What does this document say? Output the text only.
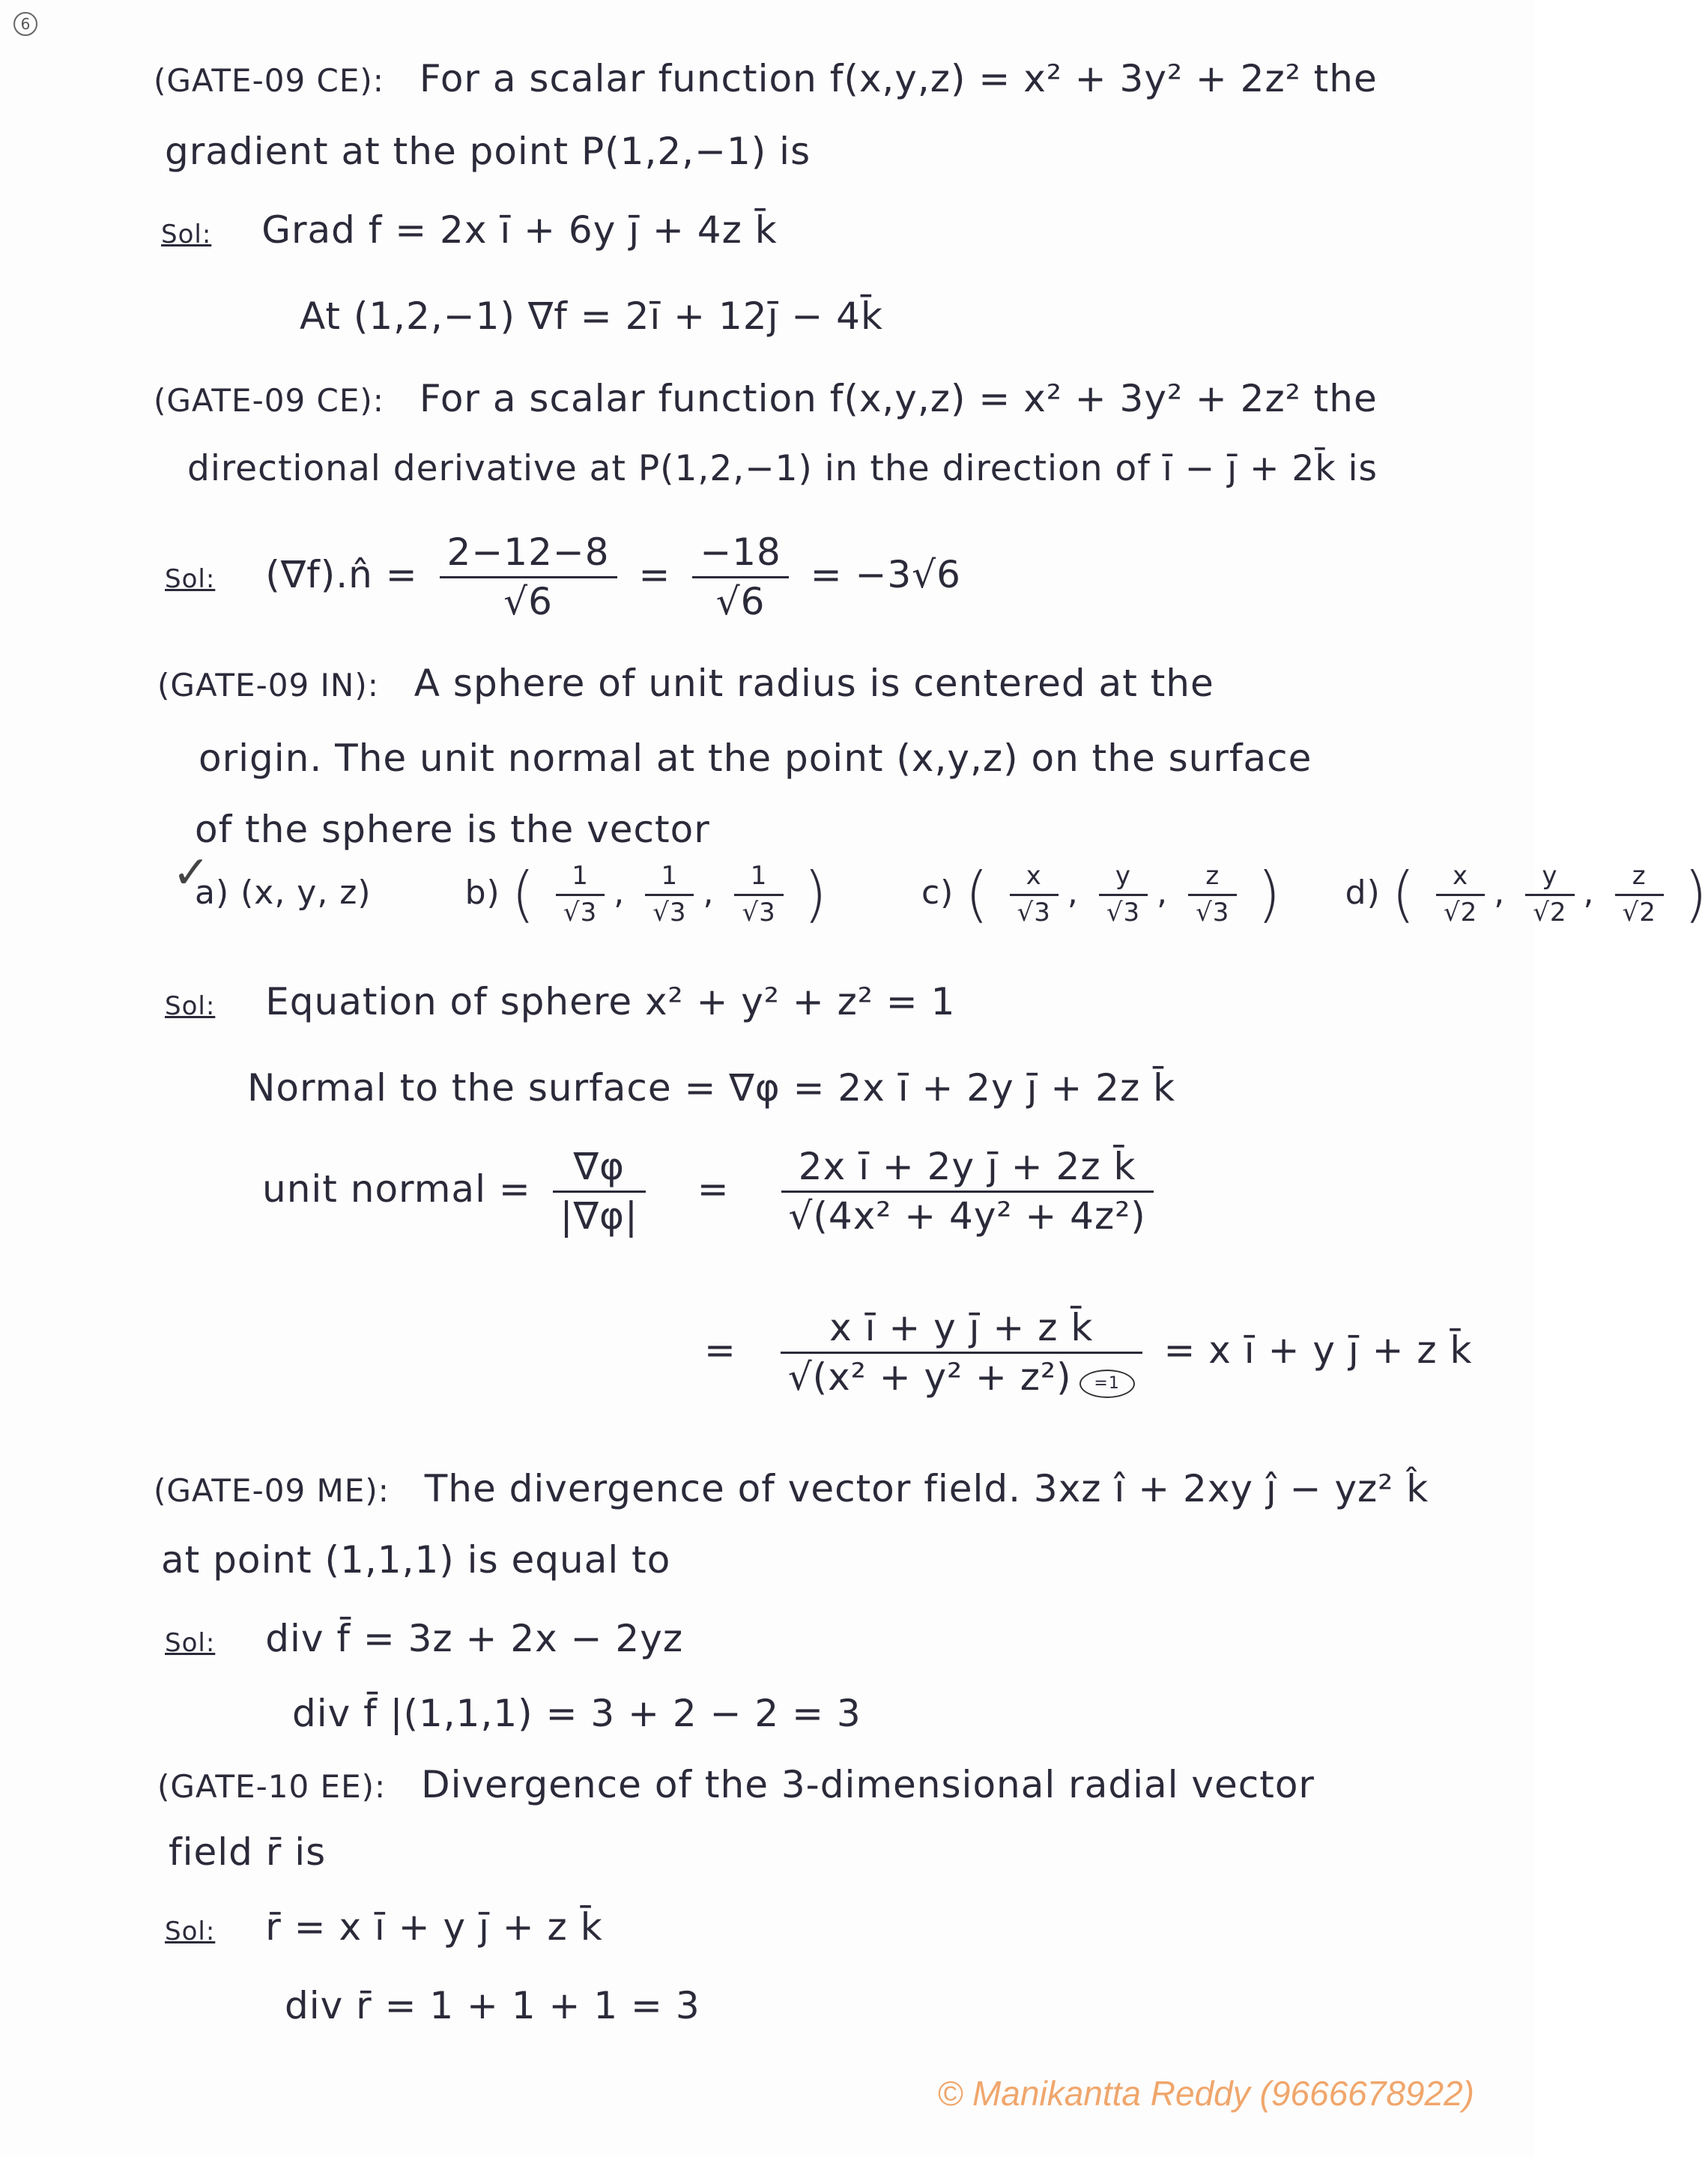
6
(GATE-09 CE): For a scalar function f(x,y,z) = x² + 3y² + 2z² the
gradient at the point P(1,2,−1) is
Sol: Grad f = 2x ī + 6y j̄ + 4z k̄
At (1,2,−1) ∇f = 2ī + 12j̄ − 4k̄
(GATE-09 CE): For a scalar function f(x,y,z) = x² + 3y² + 2z² the
directional derivative at P(1,2,−1) in the direction of ī − j̄ + 2k̄ is
Sol: (∇f).n̂ = $\frac{2-12-8}{√6} = \frac{-18}{√6} = -3√6$
(GATE-09 IN): A sphere of unit radius is centered at the
origin. The unit normal at the point (x,y,z) on the surface
of the sphere is the vector
✓
a) (x, y, z)	b) ( $\frac{1}{√3}$ , $\frac{1}{√3}$ , $\frac{1}{√3}$ )	c) ( $\frac{x}{√3}$ , $\frac{y}{√3}$ , $\frac{z}{√3}$ ) d) ( $\frac{x}{√2}$ , $\frac{y}{√2}$ , $\frac{z}{√2}$ )
Sol: Equation of sphere x² + y² + z² = 1
Normal to the surface = ∇φ = 2x ī + 2y j̄ + 2z k̄
unit normal = $\frac{\nabla\varphi}{|\nabla\varphi|} = \frac{\text{2x ī + 2y j̄ + 2z k̄}}{\text{√(4x² + 4y² + 4z²)}}$
= $\frac{\text{x ī + y j̄ + z k̄}}{\text{√(x² + y² + z²) =1}} = x$ ī + y j̄ + z k̄
(GATE-09 ME): The divergence of vector field. 3xz î + 2xy ĵ − yz² k̂
at point (1,1,1) is equal to
Sol: div f̄ = 3z + 2x − 2yz
div f̄ |(1,1,1) = 3 + 2 − 2 = 3
(GATE-10 EE): Divergence of the 3-dimensional radial vector
field r̄ is
Sol: r̄ = x ī + y j̄ + z k̄
div r̄ = 1 + 1 + 1 = 3
© Manikantta Reddy (9666678922)
